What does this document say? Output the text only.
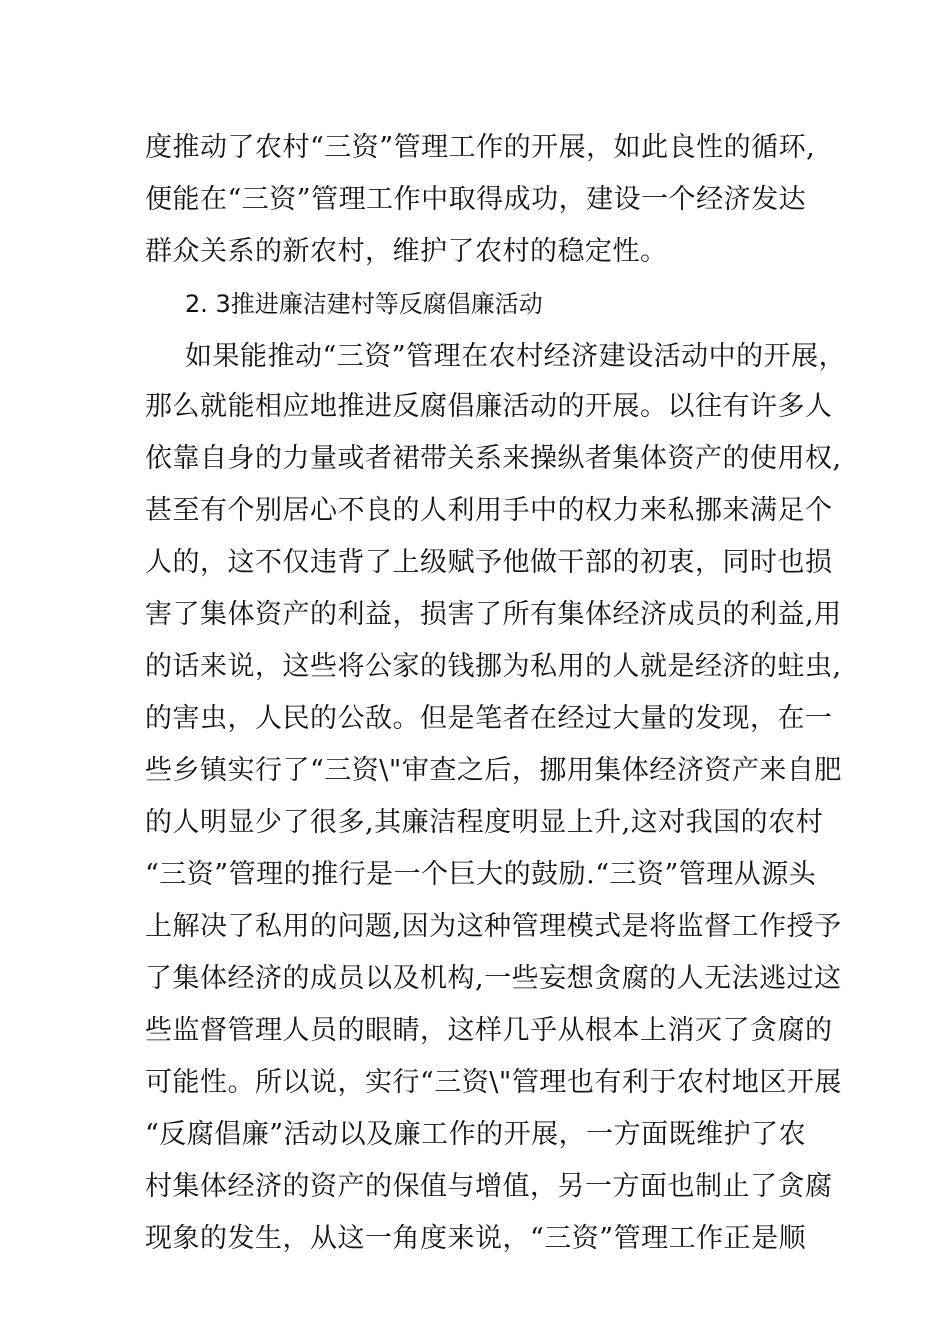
度推动了农村“三资”管理工作的开展，如此良性的循环,
便能在“三资”管理工作中取得成功，建设一个经济发达
群众关系的新农村，维护了农村的稳定性。
2. 3推进廉洁建村等反腐倡廉活动
如果能推动“三资”管理在农村经济建设活动中的开展，
那么就能相应地推进反腐倡廉活动的开展。以往有许多人
依靠自身的力量或者裙带关系来操纵者集体资产的使用权,
甚至有个别居心不良的人利用手中的权力来私挪来满足个
人的，这不仅违背了上级赋予他做干部的初衷，同时也损
害了集体资产的利益，损害了所有集体经济成员的利益,用
的话来说，这些将公家的钱挪为私用的人就是经济的蛀虫,
的害虫，人民的公敌。但是笔者在经过大量的发现，在一
些乡镇实行了“三资\"审查之后，挪用集体经济资产来自肥
的人明显少了很多,其廉洁程度明显上升,这对我国的农村
“三资”管理的推行是一个巨大的鼓励.“三资”管理从源头
上解决了私用的问题,因为这种管理模式是将监督工作授予
了集体经济的成员以及机构,一些妄想贪腐的人无法逃过这
些监督管理人员的眼睛，这样几乎从根本上消灭了贪腐的
可能性。所以说，实行“三资\"管理也有利于农村地区开展
“反腐倡廉”活动以及廉工作的开展，一方面既维护了农
村集体经济的资产的保值与增值，另一方面也制止了贪腐
现象的发生，从这一角度来说，“三资”管理工作正是顺
